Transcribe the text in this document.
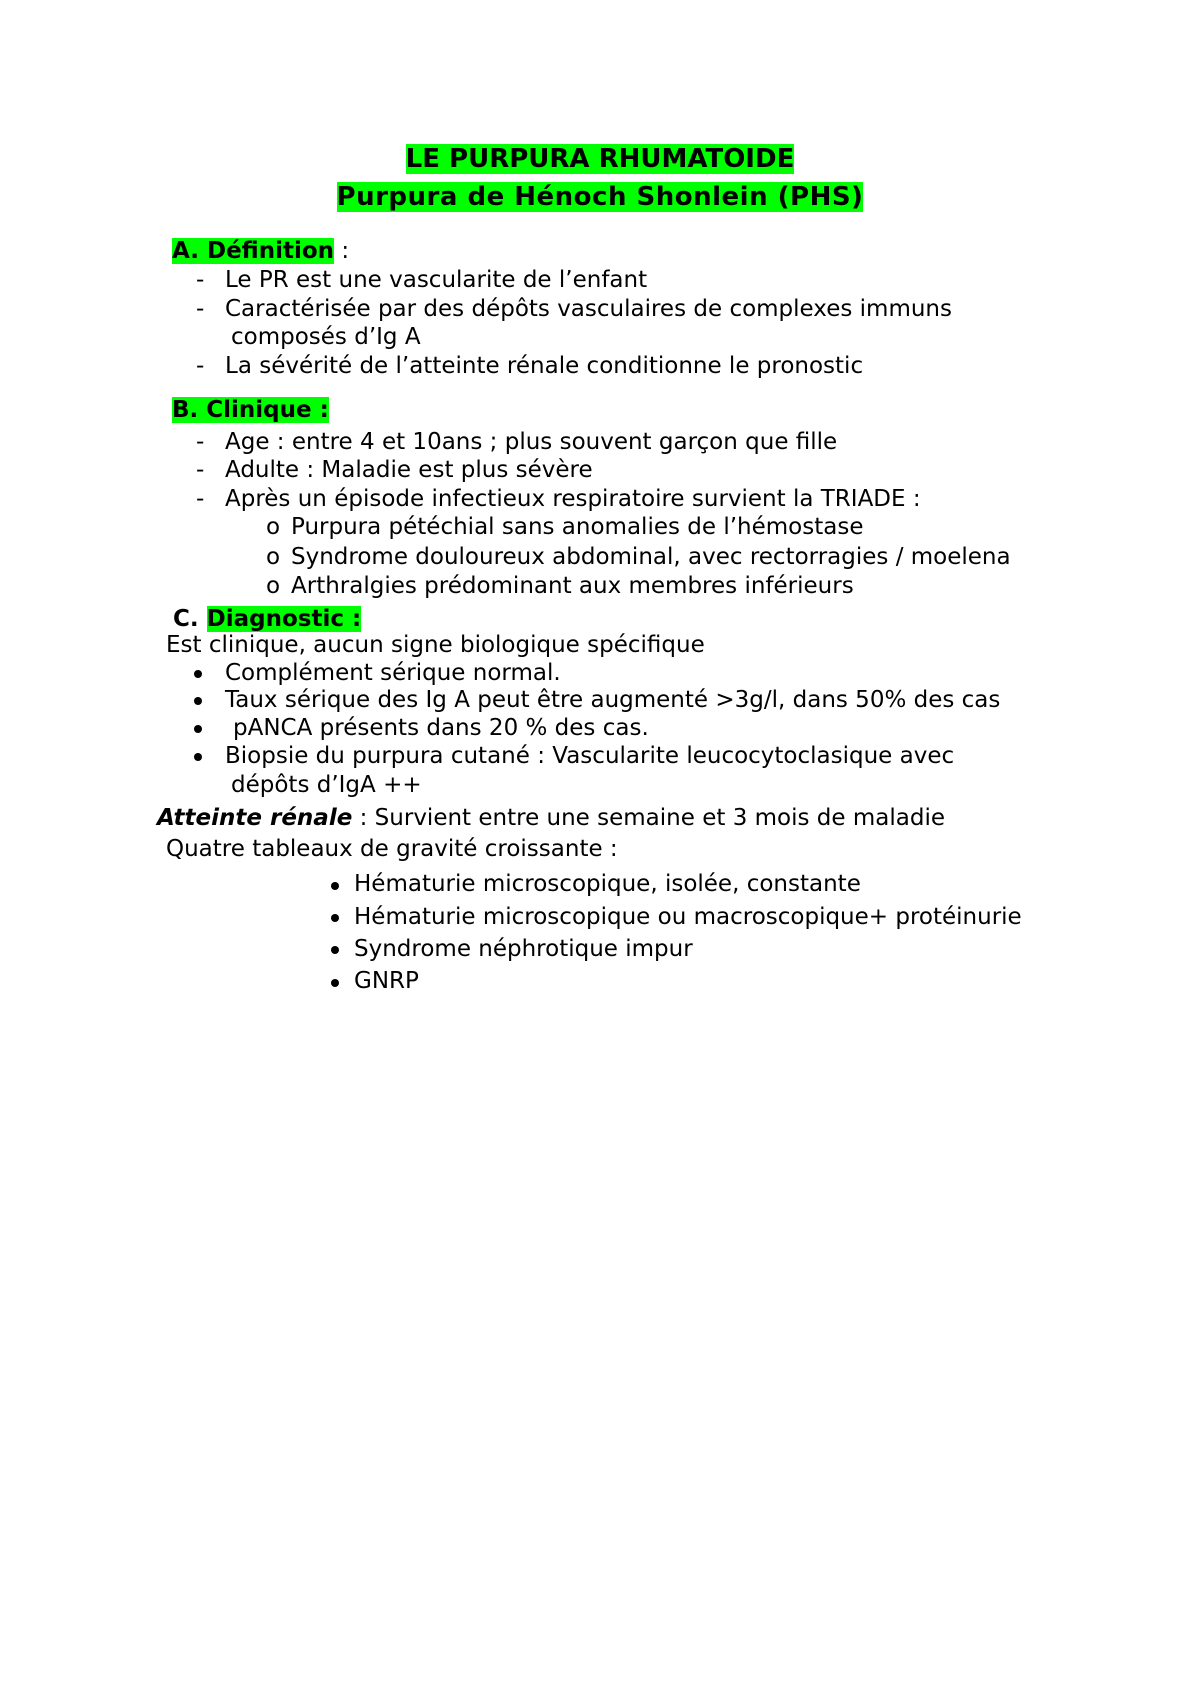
LE PURPURA RHUMATOIDE
Purpura de Hénoch Shonlein (PHS)
A. Définition :
- Le PR est une vascularite de l’enfant
- Caractérisée par des dépôts vasculaires de complexes immuns
composés d’Ig A
- La sévérité de l’atteinte rénale conditionne le pronostic
B. Clinique :
- Age : entre 4 et 10ans ; plus souvent garçon que fille
- Adulte : Maladie est plus sévère
- Après un épisode infectieux respiratoire survient la TRIADE :
o Purpura pétéchial sans anomalies de l’hémostase
o Syndrome douloureux abdominal, avec rectorragies / moelena
o Arthralgies prédominant aux membres inférieurs
C. Diagnostic :
Est clinique, aucun signe biologique spécifique
Complément sérique normal.
Taux sérique des Ig A peut être augmenté >3g/l, dans 50% des cas
pANCA présents dans 20 % des cas.
Biopsie du purpura cutané : Vascularite leucocytoclasique avec
dépôts d’IgA ++
Atteinte rénale : Survient entre une semaine et 3 mois de maladie
Quatre tableaux de gravité croissante :
Hématurie microscopique, isolée, constante
Hématurie microscopique ou macroscopique+ protéinurie
Syndrome néphrotique impur
GNRP
